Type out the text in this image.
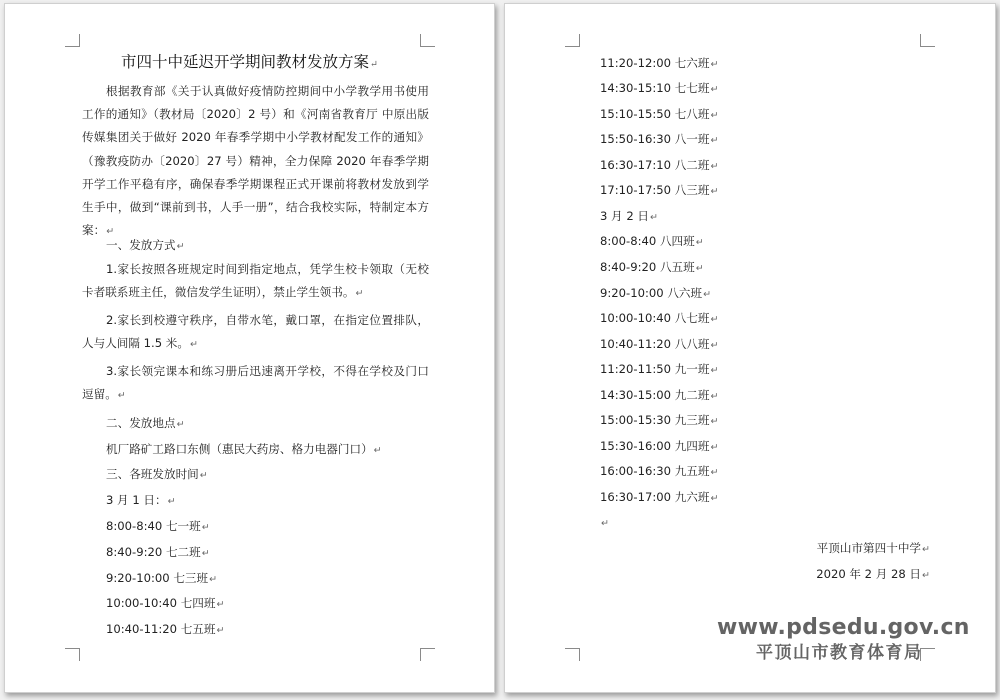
市四十中延迟开学期间教材发放方案↵
根据教育部《关于认真做好疫情防控期间中小学教学用书使用工作的通知》（教材局〔2020〕2 号）和《河南省教育厅 中原出版传媒集团关于做好 2020 年春季学期中小学教材配发工作的通知》（豫教疫防办〔2020〕27 号）精神，全力保障 2020 年春季学期开学工作平稳有序，确保春季学期课程正式开课前将教材发放到学生手中，做到“课前到书，人手一册”，结合我校实际，特制定本方案：↵
一、发放方式↵
1.家长按照各班规定时间到指定地点，凭学生校卡领取（无校卡者联系班主任，微信发学生证明），禁止学生领书。↵
2.家长到校遵守秩序，自带水笔，戴口罩，在指定位置排队，人与人间隔 1.5 米。↵
3.家长领完课本和练习册后迅速离开学校，不得在学校及门口逗留。↵
二、发放地点↵
机厂路矿工路口东侧（惠民大药房、格力电器门口）↵
三、各班发放时间↵
3 月 1 日：↵
8:00-8:40 七一班↵
8:40-9:20 七二班↵
9:20-10:00 七三班↵
10:00-10:40 七四班↵
10:40-11:20 七五班↵
11:20-12:00 七六班↵
14:30-15:10 七七班↵
15:10-15:50 七八班↵
15:50-16:30 八一班↵
16:30-17:10 八二班↵
17:10-17:50 八三班↵
3 月 2 日↵
8:00-8:40 八四班↵
8:40-9:20 八五班↵
9:20-10:00 八六班↵
10:00-10:40 八七班↵
10:40-11:20 八八班↵
11:20-11:50 九一班↵
14:30-15:00 九二班↵
15:00-15:30 九三班↵
15:30-16:00 九四班↵
16:00-16:30 九五班↵
16:30-17:00 九六班↵
↵
平顶山市第四十中学↵
2020 年 2 月 28 日↵
www.pdsedu.gov.cn
平顶山市教育体育局
